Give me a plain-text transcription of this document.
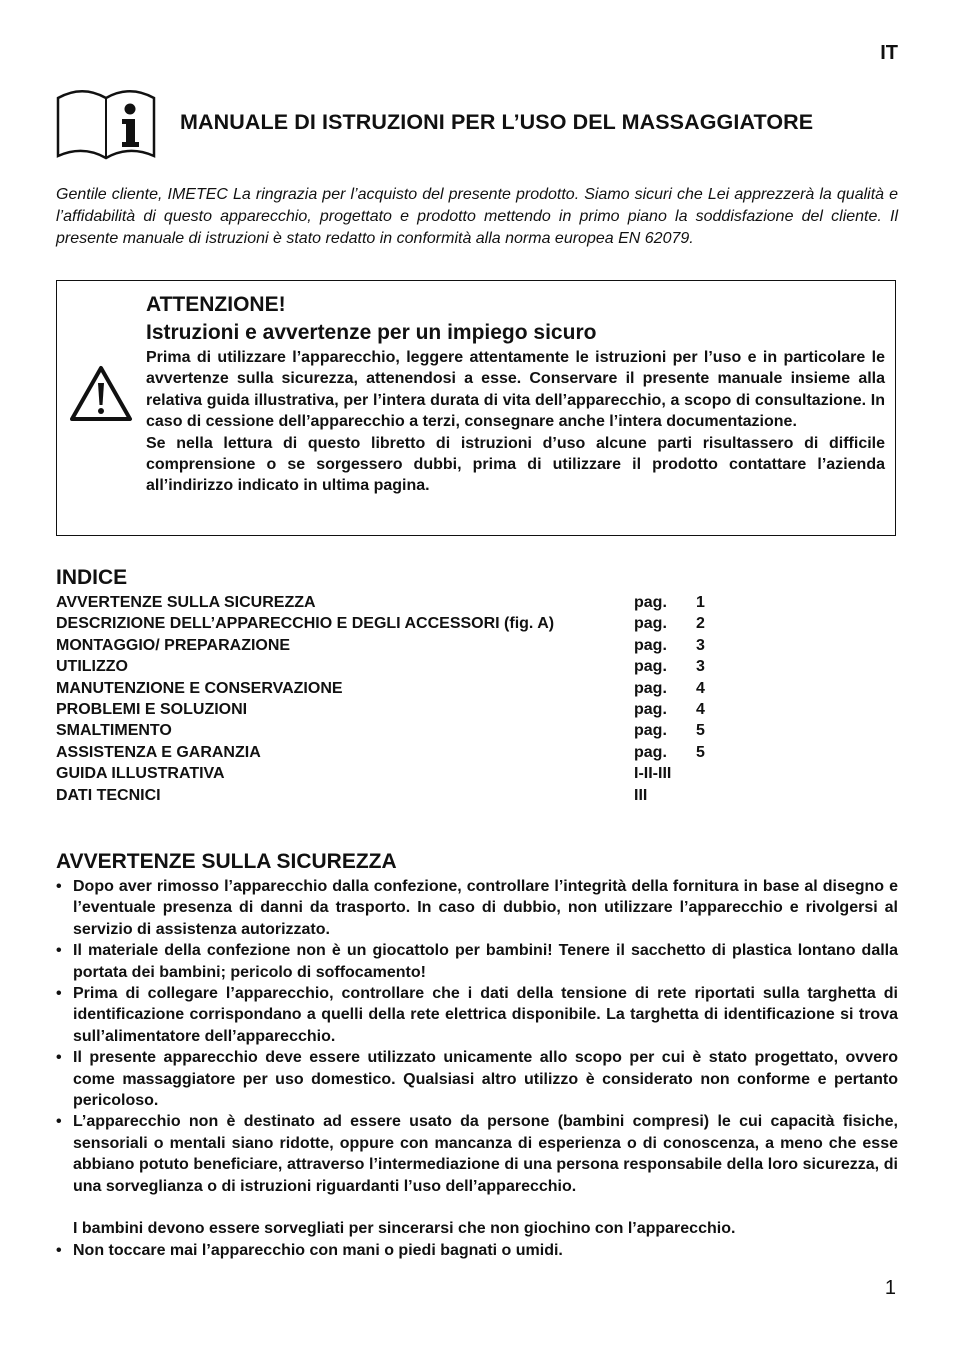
IT
MANUALE DI ISTRUZIONI PER L’USO DEL MASSAGGIATORE

Gentile cliente, IMETEC La ringrazia per l’acquisto del presente prodotto. Siamo sicuri che Lei apprezzerà la qualità e l’affidabilità di questo apparecchio, progettato e prodotto mettendo in primo piano la soddisfazione del cliente. Il presente manuale di istruzioni è stato redatto in conformità alla norma europea EN 62079.

ATTENZIONE!
Istruzioni e avvertenze per un impiego sicuro

Prima di utilizzare l’apparecchio, leggere attentamente le istruzioni per l’uso e in particolare le avvertenze sulla sicurezza, attenendosi a esse. Conservare il presente manuale insieme alla relativa guida illustrativa, per l’intera durata di vita dell’apparecchio, a scopo di consultazione. In caso di cessione dell’apparecchio a terzi, consegnare anche l’intera documentazione.

Se nella lettura di questo libretto di istruzioni d’uso alcune parti risultassero di difficile comprensione o se sorgessero dubbi, prima di utilizzare il prodotto contattare l’azienda all’indirizzo indicato in ultima pagina.

INDICE
AVVERTENZE SULLA SICUREZZA	pag.	1
DESCRIZIONE DELL’APPARECCHIO E DEGLI ACCESSORI (fig. A)	pag.	2
MONTAGGIO/ PREPARAZIONE	pag.	3
UTILIZZO	pag.	3
MANUTENZIONE E CONSERVAZIONE	pag.	4
PROBLEMI E SOLUZIONI	pag.	4
SMALTIMENTO	pag.	5
ASSISTENZA E GARANZIA	pag.	5
GUIDA ILLUSTRATIVA	I-II-III
DATI TECNICI	III
AVVERTENZE SULLA SICUREZZA
• Dopo aver rimosso l’apparecchio dalla confezione, controllare l’integrità della fornitura in base al disegno e l’eventuale presenza di danni da trasporto. In caso di dubbio, non utilizzare l’apparecchio e rivolgersi al servizio di assistenza autorizzato.
• Il materiale della confezione non è un giocattolo per bambini! Tenere il sacchetto di plastica lontano dalla portata dei bambini; pericolo di soffocamento!
• Prima di collegare l’apparecchio, controllare che i dati della tensione di rete riportati sulla targhetta di identificazione corrispondano a quelli della rete elettrica disponibile. La targhetta di identificazione si trova sull’alimentatore dell’apparecchio.
• Il presente apparecchio deve essere utilizzato unicamente allo scopo per cui è stato progettato, ovvero come massaggiatore per uso domestico. Qualsiasi altro utilizzo è considerato non conforme e pertanto pericoloso.
• L’apparecchio non è destinato ad essere usato da persone (bambini compresi) le cui capacità fisiche, sensoriali o mentali siano ridotte, oppure con mancanza di esperienza o di conoscenza, a meno che esse abbiano potuto beneficiare, attraverso l’intermediazione di una persona responsabile della loro sicurezza, di una sorveglianza o di istruzioni riguardanti l’uso dell’apparecchio.
I bambini devono essere sorvegliati per sincerarsi che non giochino con l’apparecchio.
• Non toccare mai l’apparecchio con mani o piedi bagnati o umidi.
1
